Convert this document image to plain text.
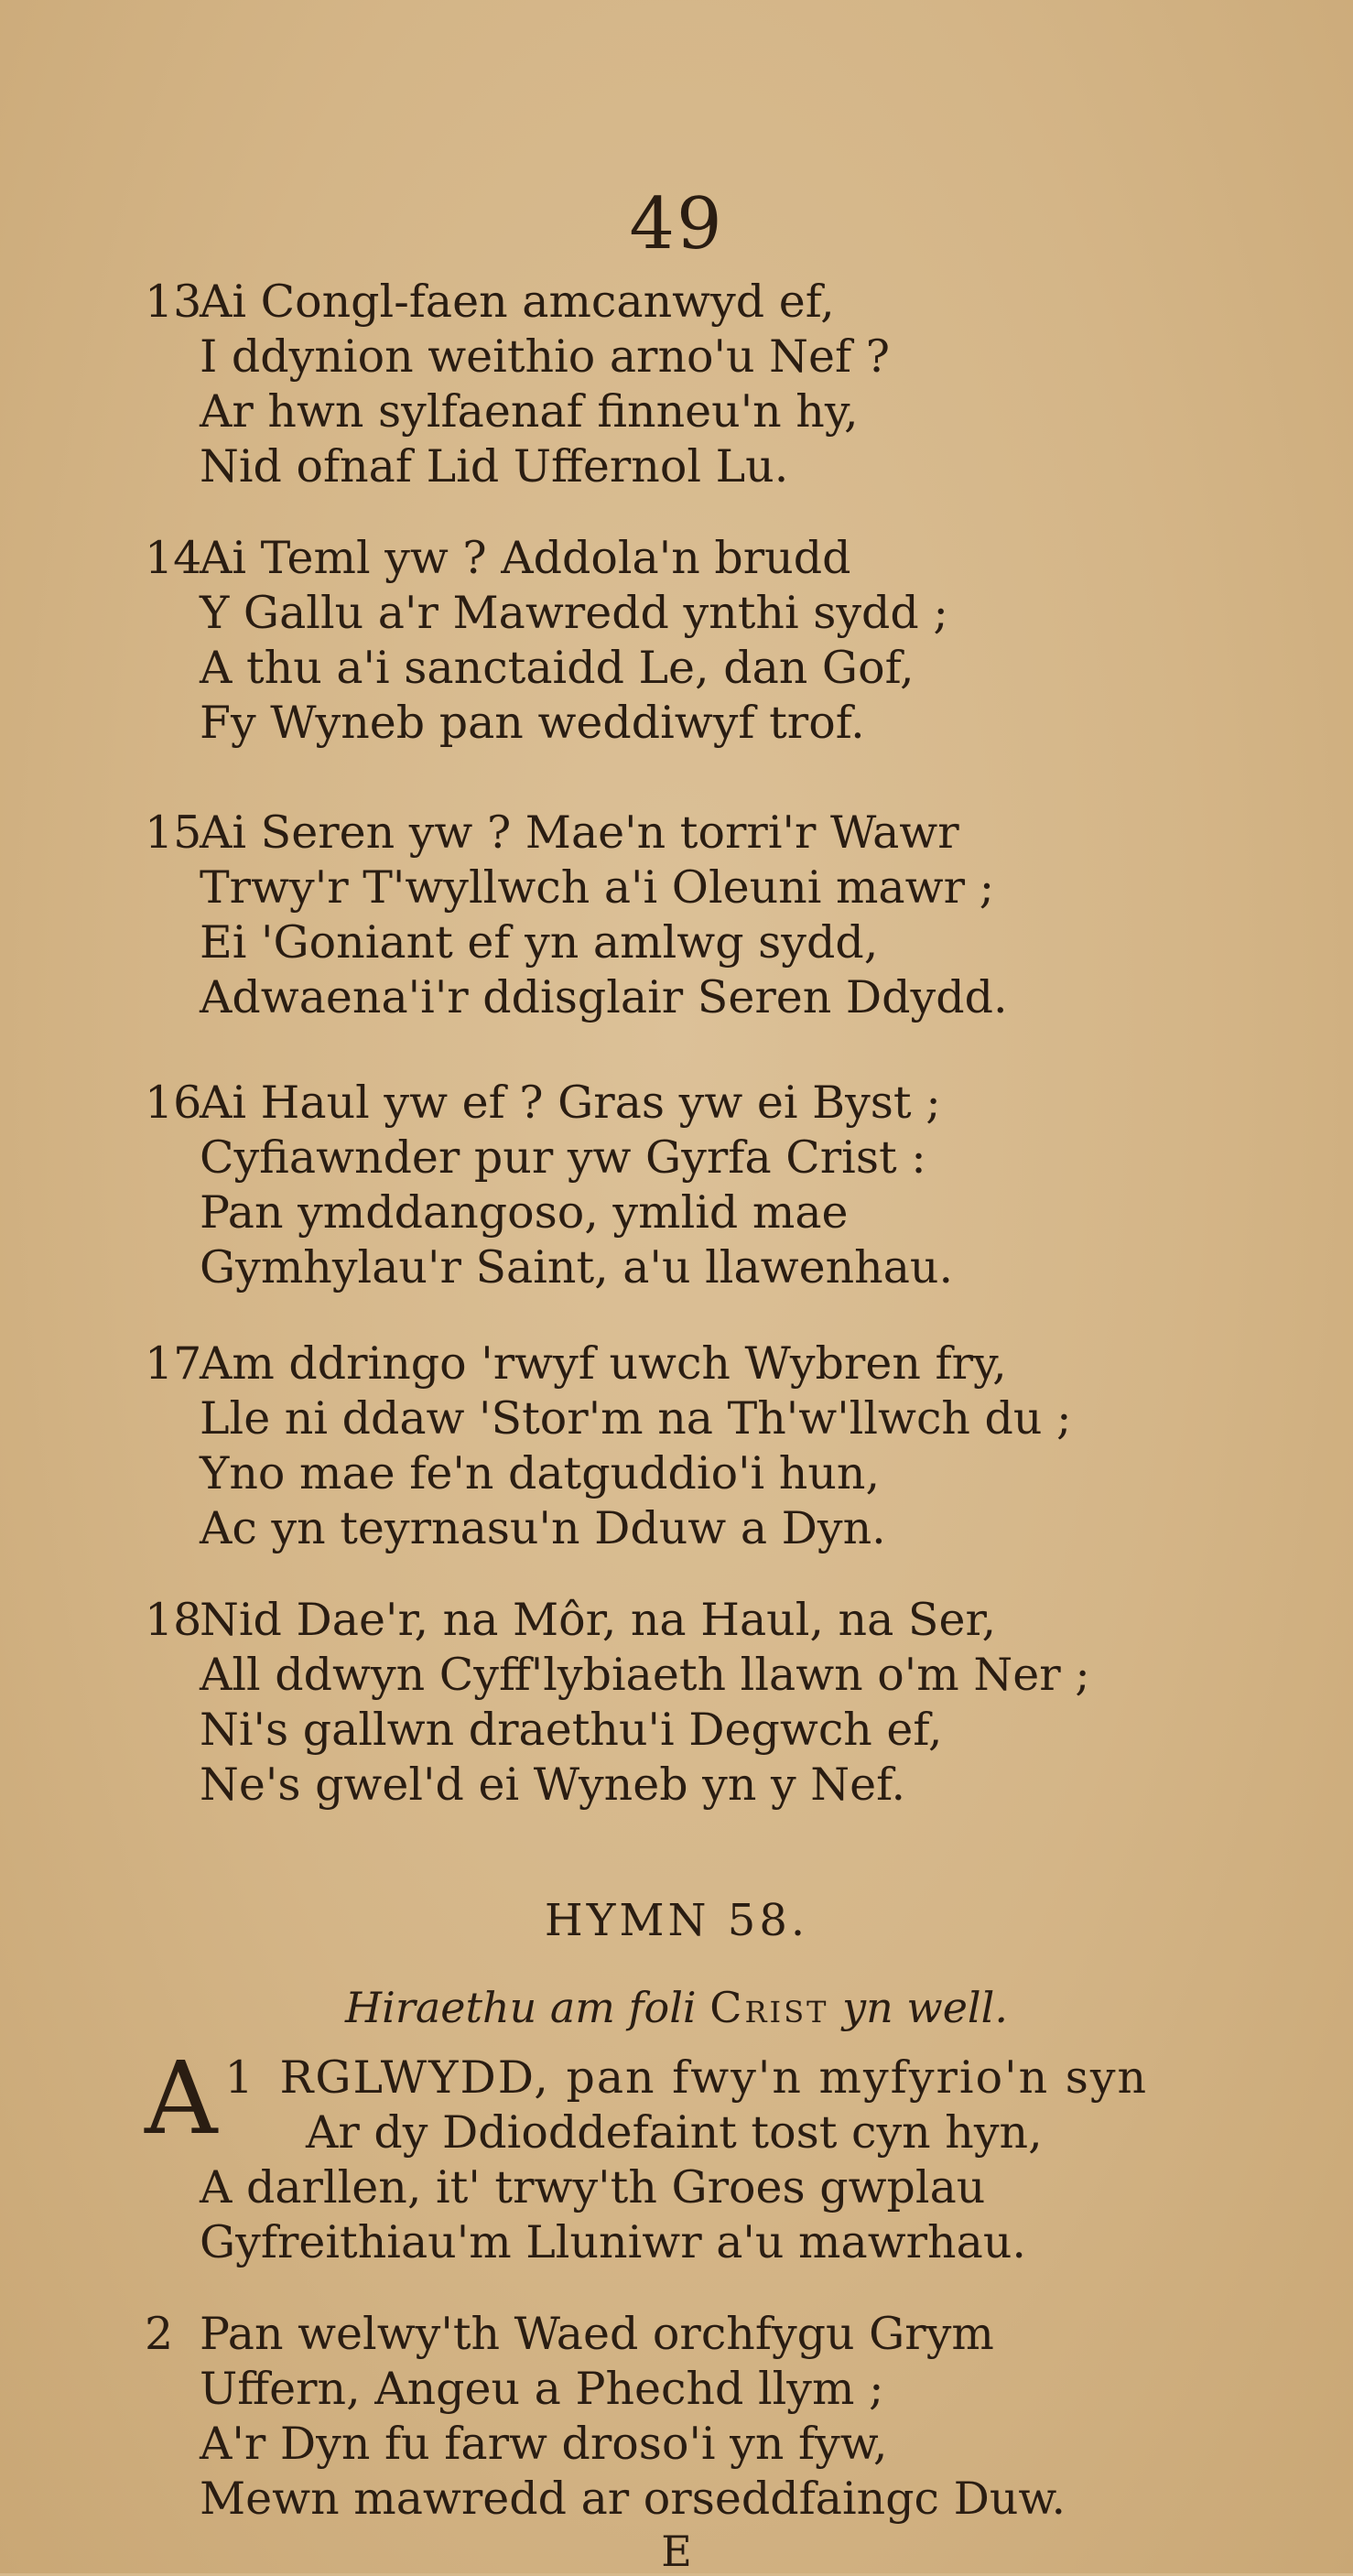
49
13Ai Congl-faen amcanwyd ef,
I ddynion weithio arno'u Nef ?
Ar hwn sylfaenaf finneu'n hy,
Nid ofnaf Lid Uffernol Lu.
14Ai Teml yw ? Addola'n brudd
Y Gallu a'r Mawredd ynthi sydd ;
A thu a'i sanctaidd Le, dan Gof,
Fy Wyneb pan weddiwyf trof.
15Ai Seren yw ? Mae'n torri'r Wawr
Trwy'r T'wyllwch a'i Oleuni mawr ;
Ei 'Goniant ef yn amlwg sydd,
Adwaena'i'r ddisglair Seren Ddydd.
16Ai Haul yw ef ? Gras yw ei Byst ;
Cyfiawnder pur yw Gyrfa Crist :
Pan ymddangoso, ymlid mae
Gymhylau'r Saint, a'u llawenhau.
17Am ddringo 'rwyf uwch Wybren fry,
Lle ni ddaw 'Stor'm na Th'w'llwch du ;
Yno mae fe'n datguddio'i hun,
Ac yn teyrnasu'n Dduw a Dyn.
18Nid Dae'r, na Môr, na Haul, na Ser,
All ddwyn Cyff'lybiaeth llawn o'm Ner ;
Ni's gallwn draethu'i Degwch ef,
Ne's gwel'd ei Wyneb yn y Nef.
HYMN 58.
Hiraethu am foli Crist yn well.
1
A RGLWYDD, pan fwy'n myfyrio'n syn
Ar dy Ddioddefaint tost cyn hyn,
A darllen, it' trwy'th Groes gwplau
Gyfreithiau'm Lluniwr a'u mawrhau.
2 Pan welwy'th Waed orchfygu Grym
Uffern, Angeu a Phechd llym ;
A'r Dyn fu farw droso'i yn fyw,
Mewn mawredd ar orseddfaingc Duw.
E
